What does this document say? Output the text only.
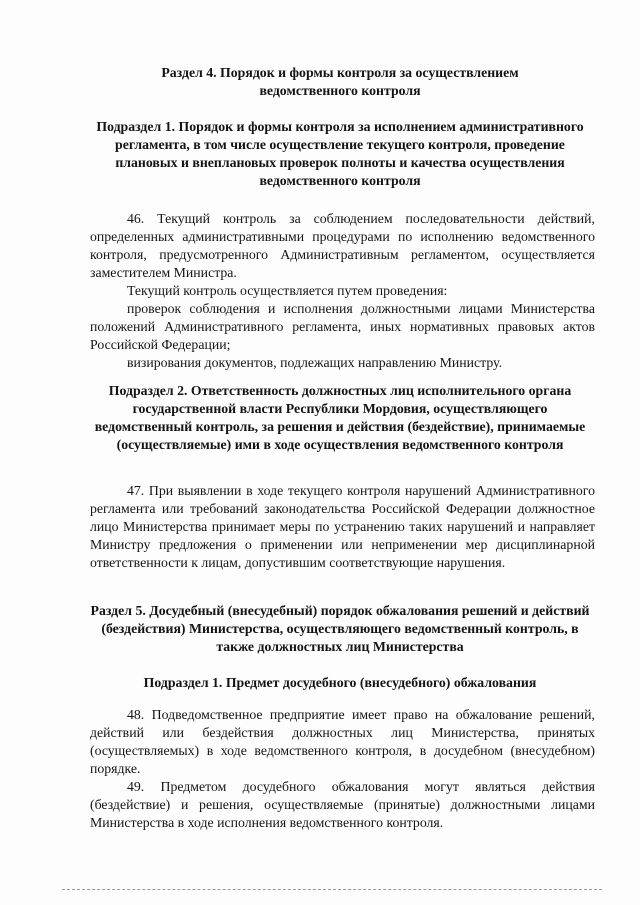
Раздел 4. Порядок и формы контроля за осуществлением ведомственного контроля
Подраздел 1. Порядок и формы контроля за исполнением административного регламента, в том числе осуществление текущего контроля, проведение плановых и внеплановых проверок полноты и качества осуществления ведомственного контроля
46. Текущий контроль за соблюдением последовательности действий, определенных административными процедурами по исполнению ведомственного контроля, предусмотренного Административным регламентом, осуществляется заместителем Министра.
Текущий контроль осуществляется путем проведения:
проверок соблюдения и исполнения должностными лицами Министерства положений Административного регламента, иных нормативных правовых актов Российской Федерации;
визирования документов, подлежащих направлению Министру.
Подраздел 2. Ответственность должностных лиц исполнительного органа государственной власти Республики Мордовия, осуществляющего ведомственный контроль, за решения и действия (бездействие), принимаемые (осуществляемые) ими в ходе осуществления ведомственного контроля
47. При выявлении в ходе текущего контроля нарушений Административного регламента или требований законодательства Российской Федерации должностное лицо Министерства принимает меры по устранению таких нарушений и направляет Министру предложения о применении или неприменении мер дисциплинарной ответственности к лицам, допустившим соответствующие нарушения.
Раздел 5. Досудебный (внесудебный) порядок обжалования решений и действий (бездействия) Министерства, осуществляющего ведомственный контроль, в также должностных лиц Министерства
Подраздел 1. Предмет досудебного (внесудебного) обжалования
48. Подведомственное предприятие имеет право на обжалование решений, действий или бездействия должностных лиц Министерства, принятых (осуществляемых) в ходе ведомственного контроля, в досудебном (внесудебном) порядке.
49. Предметом досудебного обжалования могут являться действия (бездействие) и решения, осуществляемые (принятые) должностными лицами Министерства в ходе исполнения ведомственного контроля.
